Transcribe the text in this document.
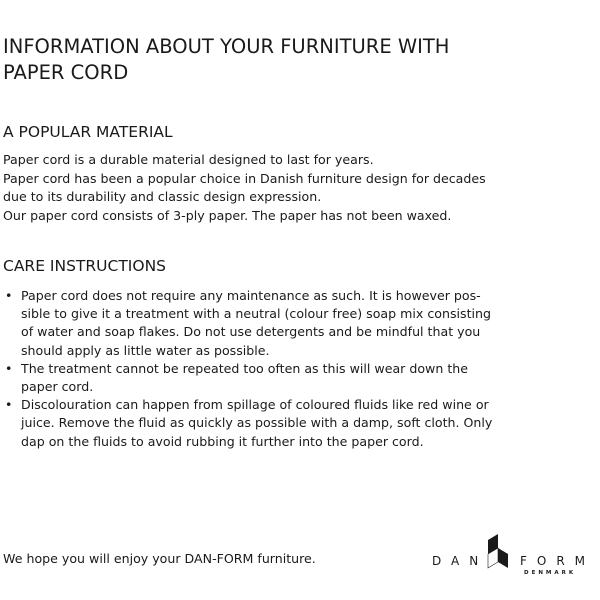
INFORMATION ABOUT YOUR FURNITURE WITH
PAPER CORD
A POPULAR MATERIAL

Paper cord is a durable material designed to last for years.
Paper cord has been a popular choice in Danish furniture design for decades
due to its durability and classic design expression.
Our paper cord consists of 3-ply paper. The paper has not been waxed.

CARE INSTRUCTIONS
• Paper cord does not require any maintenance as such. It is however pos-
sible to give it a treatment with a neutral (colour free) soap mix consisting
of water and soap flakes. Do not use detergents and be mindful that you
should apply as little water as possible.
• The treatment cannot be repeated too often as this will wear down the
paper cord.
• Discolouration can happen from spillage of coloured fluids like red wine or
juice. Remove the fluid as quickly as possible with a damp, soft cloth. Only
dap on the fluids to avoid rubbing it further into the paper cord.

We hope you will enjoy your DAN-FORM furniture.	DAN	FORM
DENMARK
